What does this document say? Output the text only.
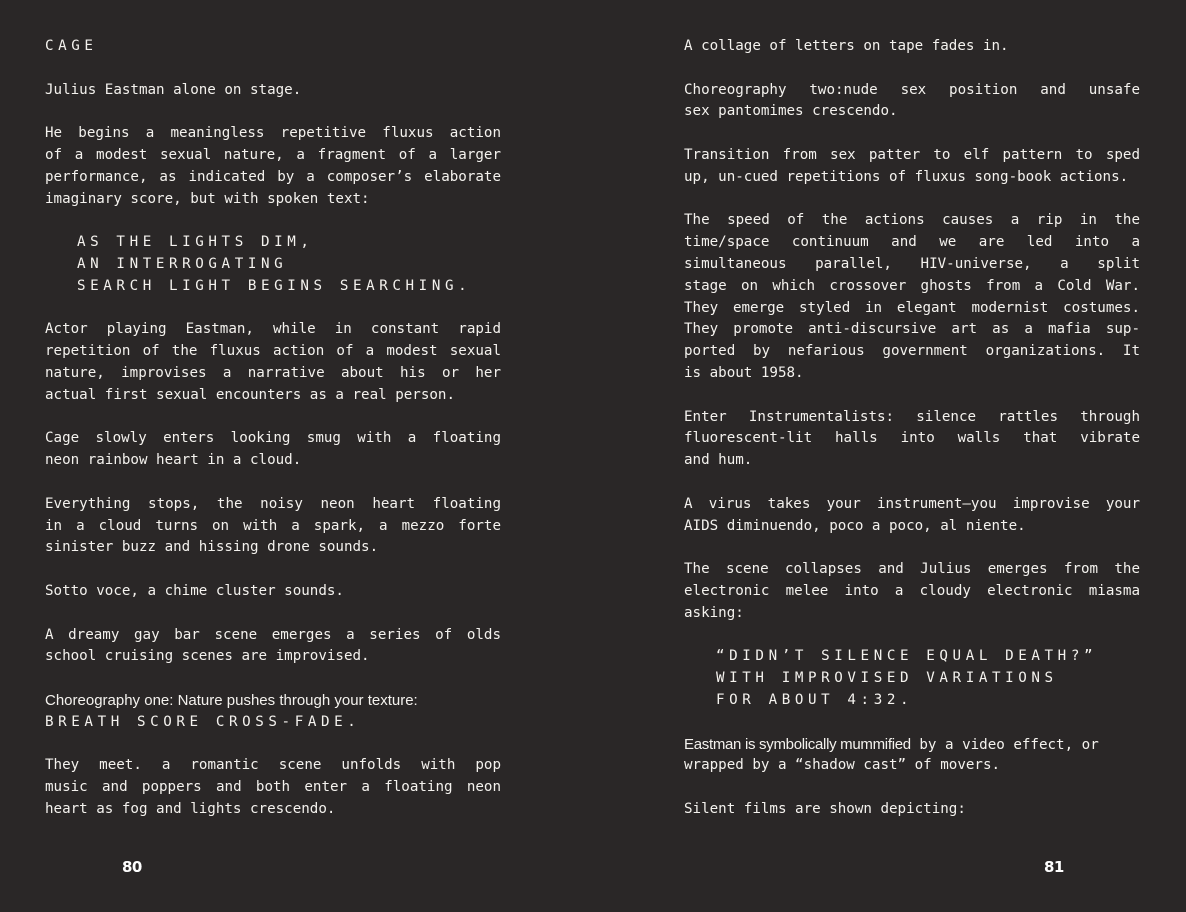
CAGE
Julius Eastman alone on stage.
He begins a meaningless repetitive fluxus action
of a modest sexual nature, a fragment of a larger
performance, as indicated by a composer’s elaborate
imaginary score, but with spoken text:
AS THE LIGHTS DIM,
AN INTERROGATING
SEARCH LIGHT BEGINS SEARCHING.
Actor playing Eastman, while in constant rapid
repetition of the fluxus action of a modest sexual
nature, improvises a narrative about his or her
actual first sexual encounters as a real person.
Cage slowly enters looking smug with a floating
neon rainbow heart in a cloud.
Everything stops, the noisy neon heart floating
in a cloud turns on with a spark, a mezzo forte
sinister buzz and hissing drone sounds.
Sotto voce, a chime cluster sounds.
A dreamy gay bar scene emerges a series of olds
school cruising scenes are improvised.
Choreography one: Nature pushes through your texture:
BREATH SCORE CROSS-FADE.
They meet. a romantic scene unfolds with pop
music and poppers and both enter a floating neon
heart as fog and lights crescendo.
80
A collage of letters on tape fades in.
Choreography two:nude sex position and unsafe
sex pantomimes crescendo.
Transition from sex patter to elf pattern to sped
up, un-cued repetitions of fluxus song-book actions.
The speed of the actions causes a rip in the
time/space continuum and we are led into a
simultaneous parallel, HIV-universe, a split
stage on which crossover ghosts from a Cold War.
They emerge styled in elegant modernist costumes.
They promote anti-discursive art as a mafia sup-
ported by nefarious government organizations. It
is about 1958.
Enter Instrumentalists: silence rattles through
fluorescent-lit halls into walls that vibrate
and hum.
A virus takes your instrument—you improvise your
AIDS diminuendo, poco a poco, al niente.
The scene collapses and Julius emerges from the
electronic melee into a cloudy electronic miasma
asking:
“DIDN’T SILENCE EQUAL DEATH?”
WITH IMPROVISED VARIATIONS
FOR ABOUT 4:32.
Eastman is symbolically mummified by a video effect, or
wrapped by a “shadow cast” of movers.
Silent films are shown depicting:
81
